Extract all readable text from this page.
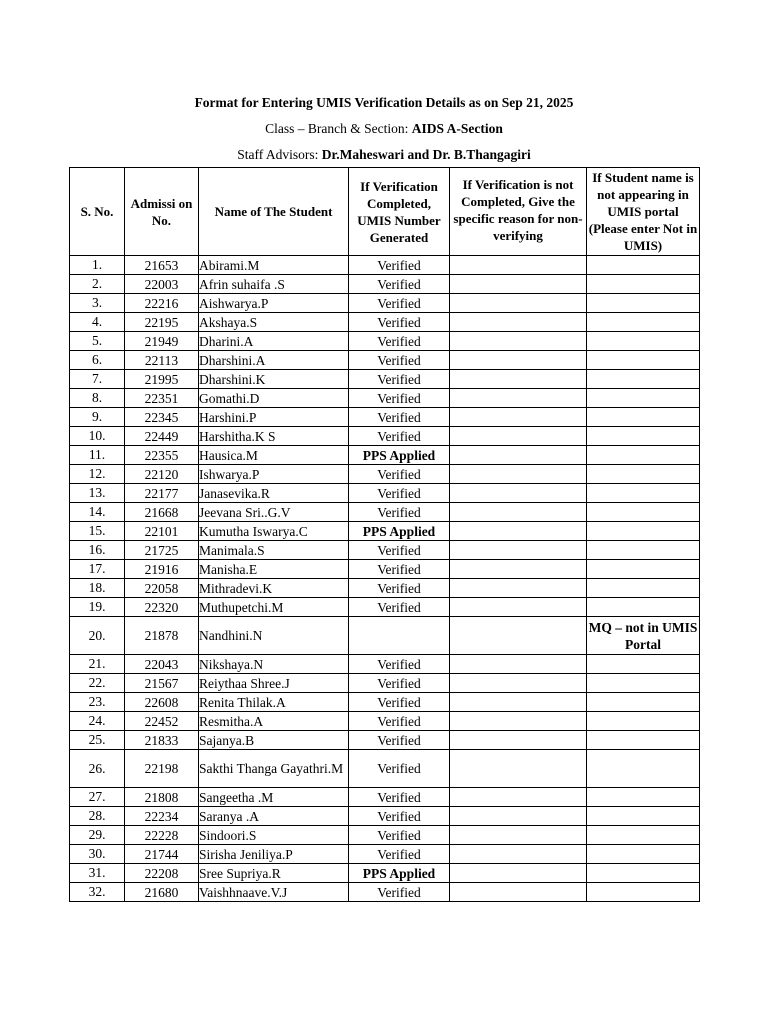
Format for Entering UMIS Verification Details as on Sep 21, 2025
Class – Branch & Section: AIDS A-Section
Staff Advisors: Dr.Maheswari and Dr. B.Thangagiri
S. No.	Admissi on No.	Name of The Student	If Verification Completed, UMIS Number Generated	If Verification is not Completed, Give the specific reason for non-verifying	If Student name is not appearing in UMIS portal (Please enter Not in UMIS)
1.	21653	Abirami.M	Verified		
2.	22003	Afrin suhaifa .S	Verified		
3.	22216	Aishwarya.P	Verified		
4.	22195	Akshaya.S	Verified		
5.	21949	Dharini.A	Verified		
6.	22113	Dharshini.A	Verified		
7.	21995	Dharshini.K	Verified		
8.	22351	Gomathi.D	Verified		
9.	22345	Harshini.P	Verified		
10.	22449	Harshitha.K S	Verified		
11.	22355	Hausica.M	PPS Applied		
12.	22120	Ishwarya.P	Verified		
13.	22177	Janasevika.R	Verified		
14.	21668	Jeevana Sri..G.V	Verified		
15.	22101	Kumutha Iswarya.C	PPS Applied		
16.	21725	Manimala.S	Verified		
17.	21916	Manisha.E	Verified		
18.	22058	Mithradevi.K	Verified		
19.	22320	Muthupetchi.M	Verified		
20.	21878	Nandhini.N			MQ – not in UMIS Portal
21.	22043	Nikshaya.N	Verified		
22.	21567	Reiythaa Shree.J	Verified		
23.	22608	Renita Thilak.A	Verified		
24.	22452	Resmitha.A	Verified		
25.	21833	Sajanya.B	Verified		
26.	22198	Sakthi Thanga Gayathri.M	Verified		
27.	21808	Sangeetha .M	Verified		
28.	22234	Saranya .A	Verified		
29.	22228	Sindoori.S	Verified		
30.	21744	Sirisha Jeniliya.P	Verified		
31.	22208	Sree Supriya.R	PPS Applied		
32.	21680	Vaishhnaave.V.J	Verified		
